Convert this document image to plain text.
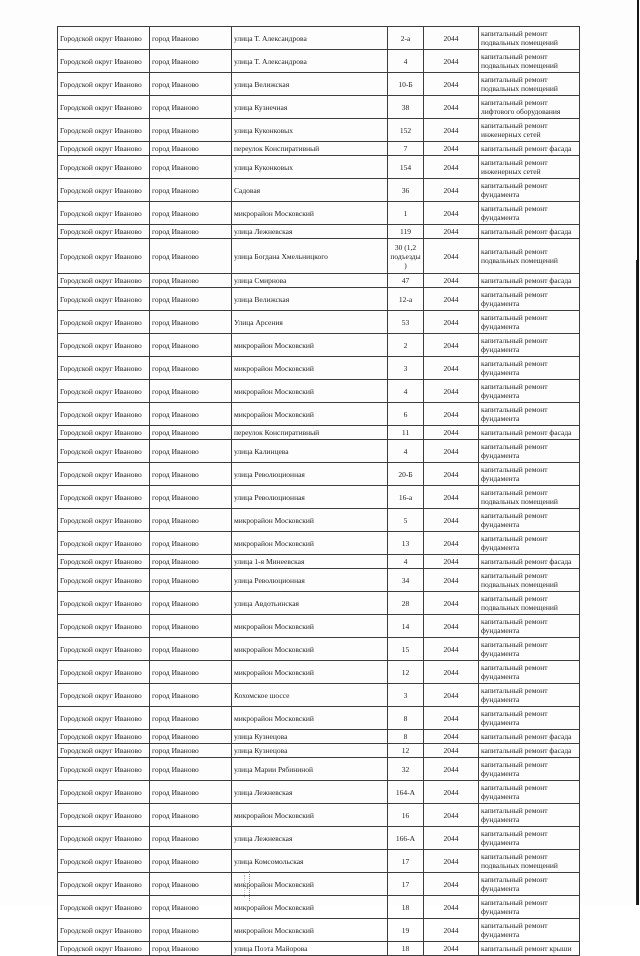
Городской округ Иваново	город Иваново	улица Т. Александрова	2-а	2044	капитальный ремонт подвальных помещений
Городской округ Иваново	город Иваново	улица Т. Александрова	4	2044	капитальный ремонт подвальных помещений
Городской округ Иваново	город Иваново	улица Велижская	10-Б	2044	капитальный ремонт подвальных помещений
Городской округ Иваново	город Иваново	улица Кузнечная	38	2044	капитальный ремонт лифтового оборудования
Городской округ Иваново	город Иваново	улица Куконковых	152	2044	капитальный ремонт инженерных сетей
Городской округ Иваново	город Иваново	переулок Конспиративный	7	2044	капитальный ремонт фасада
Городской округ Иваново	город Иваново	улица Куконковых	154	2044	капитальный ремонт инженерных сетей
Городской округ Иваново	город Иваново	Садовая	36	2044	капитальный ремонт фундамента
Городской округ Иваново	город Иваново	микрорайон Московский	1	2044	капитальный ремонт фундамента
Городской округ Иваново	город Иваново	улица Лежневская	119	2044	капитальный ремонт фасада
Городской округ Иваново	город Иваново	улица Богдана Хмельницкого	30 (1,2 подъезды)	2044	капитальный ремонт подвальных помещений
Городской округ Иваново	город Иваново	улица Смирнова	47	2044	капитальный ремонт фасада
Городской округ Иваново	город Иваново	улица Велижская	12-а	2044	капитальный ремонт фундамента
Городской округ Иваново	город Иваново	Улица Арсения	53	2044	капитальный ремонт фундамента
Городской округ Иваново	город Иваново	микрорайон Московский	2	2044	капитальный ремонт фундамента
Городской округ Иваново	город Иваново	микрорайон Московский	3	2044	капитальный ремонт фундамента
Городской округ Иваново	город Иваново	микрорайон Московский	4	2044	капитальный ремонт фундамента
Городской округ Иваново	город Иваново	микрорайон Московский	6	2044	капитальный ремонт фундамента
Городской округ Иваново	город Иваново	переулок Конспиративный	11	2044	капитальный ремонт фасада
Городской округ Иваново	город Иваново	улица Калинцева	4	2044	капитальный ремонт фундамента
Городской округ Иваново	город Иваново	улица Революционная	20-Б	2044	капитальный ремонт фундамента
Городской округ Иваново	город Иваново	улица Революционная	16-а	2044	капитальный ремонт подвальных помещений
Городской округ Иваново	город Иваново	микрорайон Московский	5	2044	капитальный ремонт фундамента
Городской округ Иваново	город Иваново	микрорайон Московский	13	2044	капитальный ремонт фундамента
Городской округ Иваново	город Иваново	улица 1-я Минеевская	4	2044	капитальный ремонт фасада
Городской округ Иваново	город Иваново	улица Революционная	34	2044	капитальный ремонт подвальных помещений
Городской округ Иваново	город Иваново	улица Авдотьинская	28	2044	капитальный ремонт подвальных помещений
Городской округ Иваново	город Иваново	микрорайон Московский	14	2044	капитальный ремонт фундамента
Городской округ Иваново	город Иваново	микрорайон Московский	15	2044	капитальный ремонт фундамента
Городской округ Иваново	город Иваново	микрорайон Московский	12	2044	капитальный ремонт фундамента
Городской округ Иваново	город Иваново	Кохомское шоссе	3	2044	капитальный ремонт фундамента
Городской округ Иваново	город Иваново	микрорайон Московский	8	2044	капитальный ремонт фундамента
Городской округ Иваново	город Иваново	улица Кузнецова	8	2044	капитальный ремонт фасада
Городской округ Иваново	город Иваново	улица Кузнецова	12	2044	капитальный ремонт фасада
Городской округ Иваново	город Иваново	улица Марии Рябининой	32	2044	капитальный ремонт фундамента
Городской округ Иваново	город Иваново	улица Лежневская	164-А	2044	капитальный ремонт фундамента
Городской округ Иваново	город Иваново	микрорайон Московский	16	2044	капитальный ремонт фундамента
Городской округ Иваново	город Иваново	улица Лежневская	166-А	2044	капитальный ремонт фундамента
Городской округ Иваново	город Иваново	улица Комсомольская	17	2044	капитальный ремонт подвальных помещений
Городской округ Иваново	город Иваново	микрорайон Московский	17	2044	капитальный ремонт фундамента
Городской округ Иваново	город Иваново	микрорайон Московский	18	2044	капитальный ремонт фундамента
Городской округ Иваново	город Иваново	микрорайон Московский	19	2044	капитальный ремонт фундамента
Городской округ Иваново	город Иваново	улица Поэта Майорова	18	2044	капитальный ремонт крыши
